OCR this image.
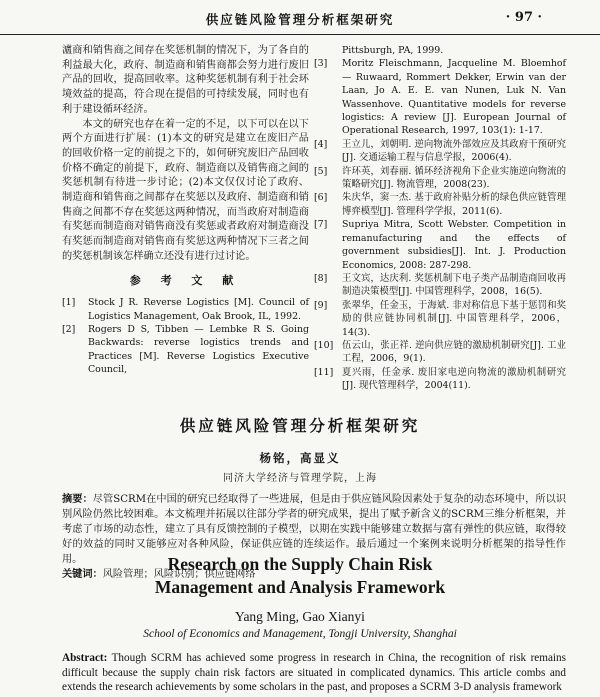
供应链风险管理分析框架研究	· 97 ·

瀘商和销售商之间存在奖惩机制的情况下，为了各自的利益最大化，政府、制造商和销售商都会努力进行废旧产品的回收，提高回收率。这种奖惩机制有利于社会环境效益的提高，符合现在提倡的可持续发展，同时也有利于建设循环经济。

本文的研究也存在着一定的不足，以下可以在以下两个方面进行扩展：(1)本文的研究是建立在废旧产品的回收价格一定的前提之下的，如何研究废旧产品回收价格不确定的前提下，政府、制造商以及销售商之间的奖惩机制有待进一步讨论；(2)本文仅仅讨论了政府、制造商和销售商之间都存在奖惩以及政府、制造商和销售商之间都不存在奖惩这两种情况，而当政府对制造商有奖惩而制造商对销售商没有奖惩或者政府对制造商没有奖惩而制造商对销售商有奖惩这两种情况下三者之间的奖惩机制该怎样确立还没有进行过讨论。

参 考 文 献
[1]	Stock J R. Reverse Logistics [M]. Council of Logistics Management, Oak Brook, IL, 1992.
[2]	Rogers D S, Tibben — Lembke R S. Going Backwards: reverse logistics trends and Practices [M]. Reverse Logistics Executive Council,
Pittsburgh, PA, 1999.
[3]	Moritz Fleischmann, Jacqueline M. Bloemhof — Ruwaard, Rommert Dekker, Erwin van der Laan, Jo A. E. E. van Nunen, Luk N. Van Wassenhove. Quantitative models for reverse logistics: A review [J]. European Journal of Operational Research, 1997, 103(1): 1-17.
[4]	王立儿，刘朝明. 逆向物流外部效应及其政府干预研究[J]. 交通运输工程与信息学报，2006(4).
[5]	许环英，刘春丽. 循环经济视角下企业实施逆向物流的策略研究[J]. 物流管理，2008(23).
[6]	朱庆华，窦一杰. 基于政府补贴分析的绿色供应链管理博弈模型[J]. 管理科学学报，2011(6).
[7]	Supriya Mitra, Scott Webster. Competition in remanufacturing and the effects of government subsidies[J]. Int. J. Production Economics, 2008: 287-298.
[8]	王文宾，达庆利. 奖惩机制下电子类产品制造商回收再制造决策模型[J]. 中国管理科学，2008，16(5).
[9]	张翠华，任金玉，于海斌. 非对称信息下基于惩罚和奖励的供应链协同机制[J]. 中国管理科学，2006，14(3).
[10] 伍云山，张正祥. 逆向供应链的激励机制研究[J]. 工业工程，2006，9(1).
[11] 夏兴雨，任金承. 废旧家电逆向物流的激励机制研究[J]. 现代管理科学，2004(11).
供应链风险管理分析框架研究
杨铭，高显义
同济大学经济与管理学院，上海

摘要：尽管SCRM在中国的研究已经取得了一些进展，但是由于供应链风险因素处于复杂的动态环境中，所以识别风险仍然比较困难。本文梳理并拓展以往部分学者的研究成果，提出了赋予新含义的SCRM三维分析框架，并考虑了市场的动态性，建立了具有反馈控制的子模型，以期在实践中能够建立数据与富有弹性的供应链，取得较好的效益的同时又能够应对各种风险，保证供应链的连续运作。最后通过一个案例来说明分析框架的指导性作用。

关键词：风险管理；风险识别；供应链网络

Research on the Supply Chain Risk
Management and Analysis Framework
Yang Ming, Gao Xianyi
School of Economics and Management, Tongji University, Shanghai

Abstract: Though SCRM has achieved some progress in research in China, the recognition of risk remains difficult because the supply chain risk factors are situated in complicated dynamics. This article combs and extends the research achievements by some scholars in the past, and proposes a SCRM 3-D analysis framework
